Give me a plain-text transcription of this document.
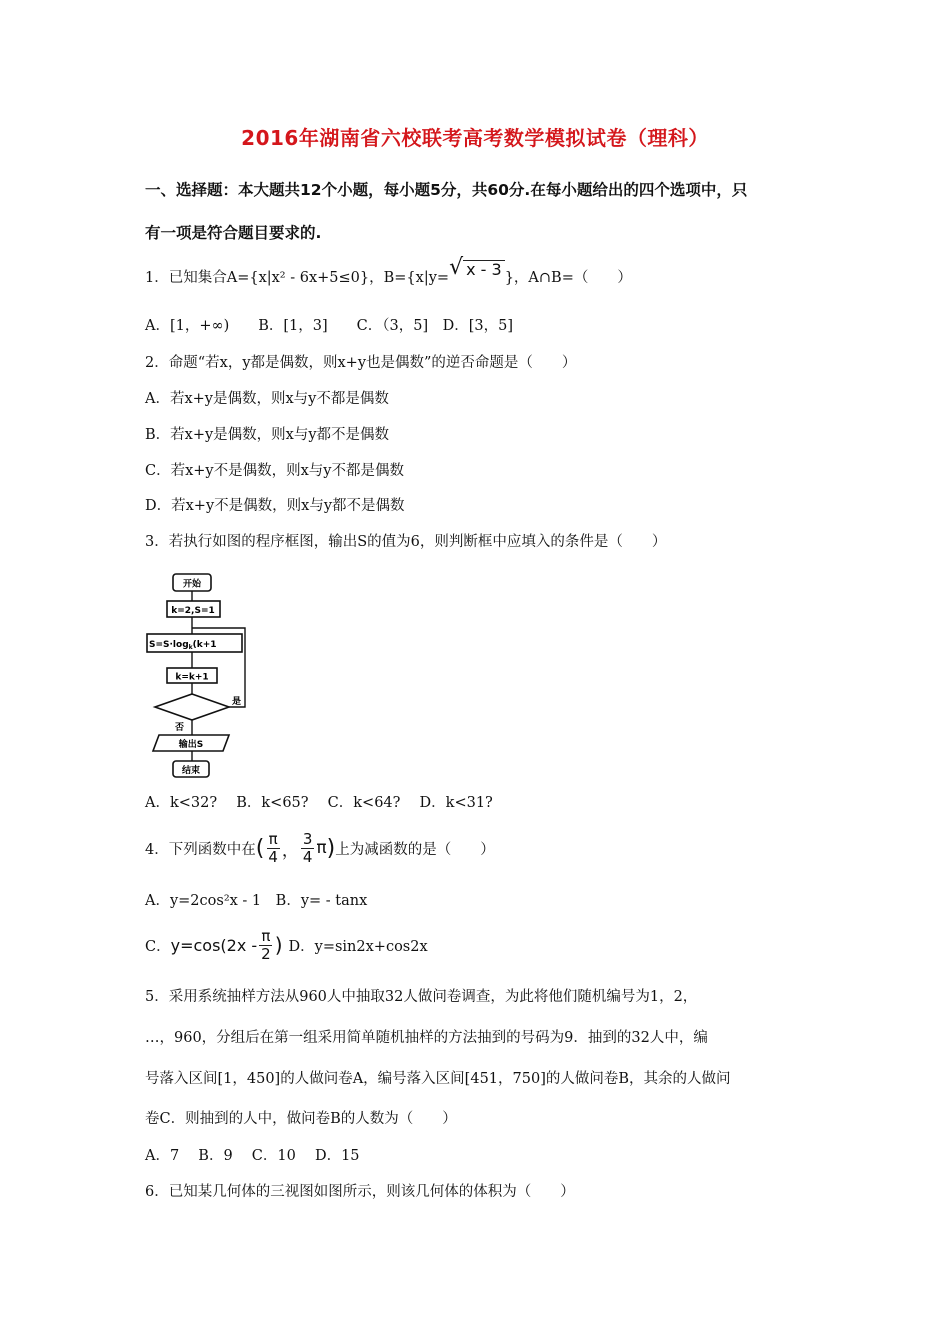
2016年湖南省六校联考高考数学模拟试卷（理科）
一、选择题：本大题共12个小题，每小题5分，共60分.在每小题给出的四个选项中，只
有一项是符合题目要求的.
1．已知集合A={x|x² - 6x+5≤0}，B={x|y= √ x - 3 }，A∩B=（　　）
A．[1，+∞)　　B．[1，3]　　C．（3，5]　D．[3，5]
2．命题“若x，y都是偶数，则x+y也是偶数”的逆否命题是（　　）
A．若x+y是偶数，则x与y不都是偶数
B．若x+y是偶数，则x与y都不是偶数
C．若x+y不是偶数，则x与y不都是偶数
D．若x+y不是偶数，则x与y都不是偶数
3．若执行如图的程序框图，输出S的值为6，则判断框中应填入的条件是（　　）
开始
k=2,S=1
$S=S\cdot\log_k(k+1$
k=k+1
是
否
输出S
结束
A．k<32?　 B．k<65?　 C．k<64?　 D．k<31?
4．下列函数中在 ( $\frac{\pi}{4}$ ， $\frac{3}{4}$ π ) 上为减函数的是（　　）
A．y=2cos²x - 1　B．y= - tanx
C． $y=\cos(2x - \frac{\pi}{2}$ ) D．y=sin2x+cos2x
5．采用系统抽样方法从960人中抽取32人做问卷调查，为此将他们随机编号为1，2，
…，960，分组后在第一组采用简单随机抽样的方法抽到的号码为9．抽到的32人中，编
号落入区间[1，450]的人做问卷A，编号落入区间[451，750]的人做问卷B，其余的人做问
卷C．则抽到的人中，做问卷B的人数为（　　）
A．7　 B．9　 C．10　 D．15
6．已知某几何体的三视图如图所示，则该几何体的体积为（　　）
